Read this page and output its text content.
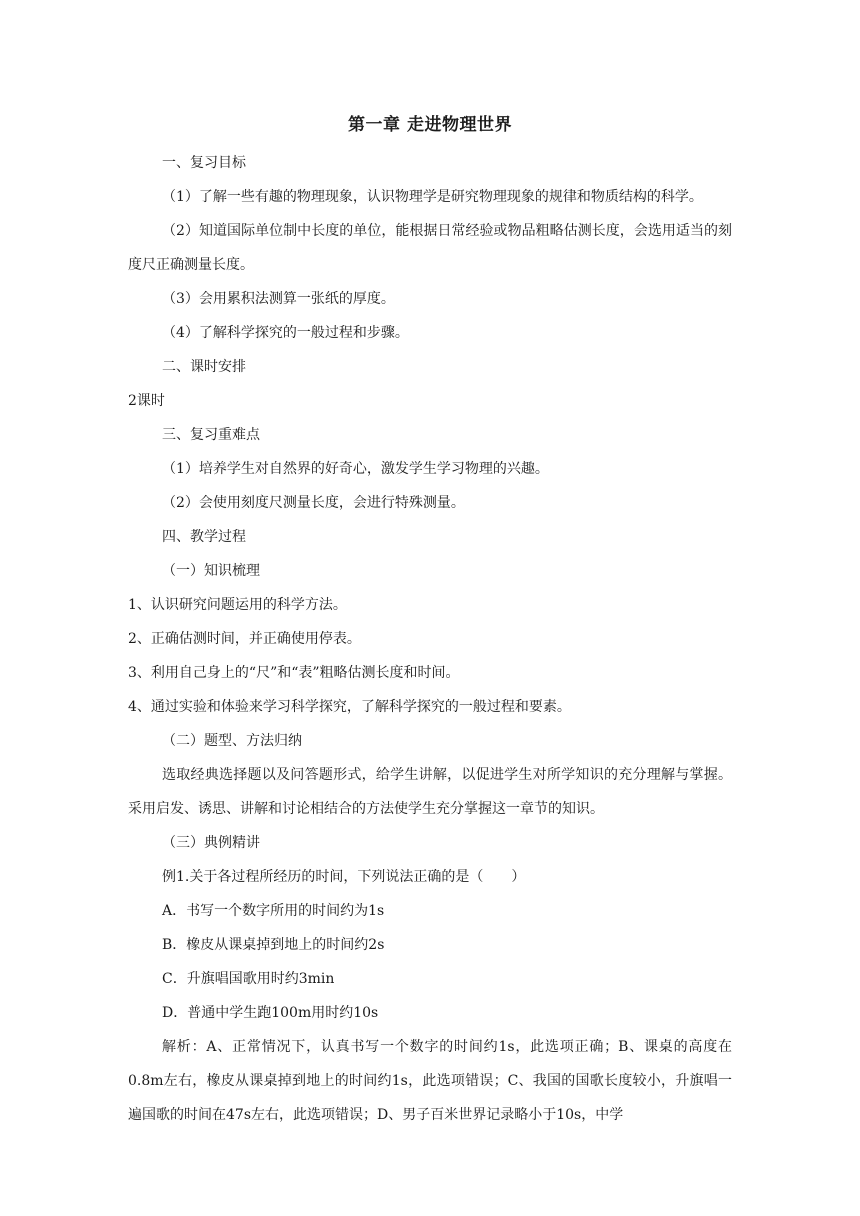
第一章 走进物理世界

一、复习目标

（1）了解一些有趣的物理现象，认识物理学是研究物理现象的规律和物质结构的科学。

（2）知道国际单位制中长度的单位，能根据日常经验或物品粗略估测长度，会选用适当的刻度尺正确测量长度。

（3）会用累积法测算一张纸的厚度。

（4）了解科学探究的一般过程和步骤。

二、课时安排

2课时

三、复习重难点

（1）培养学生对自然界的好奇心，激发学生学习物理的兴趣。

（2）会使用刻度尺测量长度，会进行特殊测量。

四、教学过程

（一）知识梳理

1、认识研究问题运用的科学方法。

2、正确估测时间，并正确使用停表。

3、利用自己身上的“尺”和“表”粗略估测长度和时间。

4、通过实验和体验来学习科学探究，了解科学探究的一般过程和要素。

（二）题型、方法归纳

选取经典选择题以及问答题形式，给学生讲解，以促进学生对所学知识的充分理解与掌握。采用启发、诱思、讲解和讨论相结合的方法使学生充分掌握这一章节的知识。

（三）典例精讲

例1.关于各过程所经历的时间，下列说法正确的是（　　）

A．书写一个数字所用的时间约为1s

B．橡皮从课桌掉到地上的时间约2s

C．升旗唱国歌用时约3min

D．普通中学生跑100m用时约10s

解析：A、正常情况下，认真书写一个数字的时间约1s，此选项正确；B、课桌的高度在0.8m左右，橡皮从课桌掉到地上的时间约1s，此选项错误；C、我国的国歌长度较小，升旗唱一遍国歌的时间在47s左右，此选项错误；D、男子百米世界记录略小于10s，中学
